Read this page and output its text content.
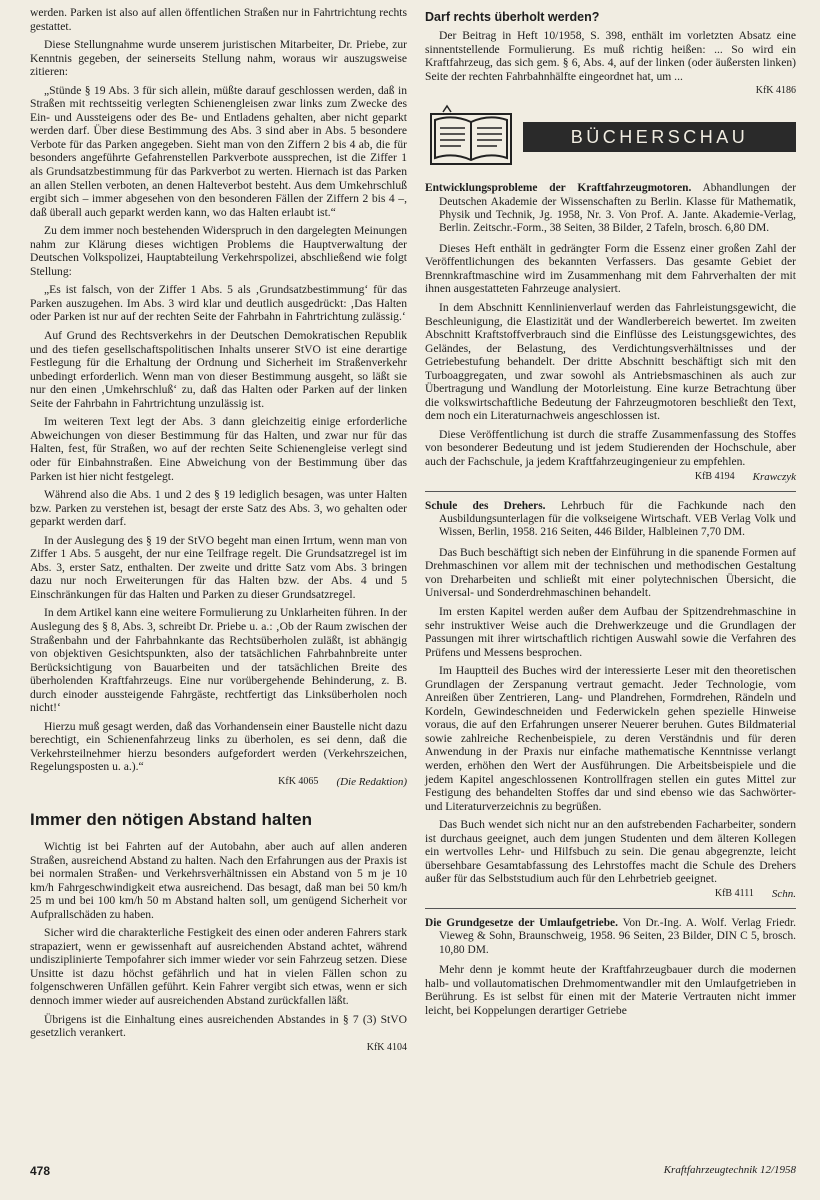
werden. Parken ist also auf allen öffentlichen Straßen nur in Fahrtrichtung rechts gestattet.

Diese Stellungnahme wurde unserem juristischen Mitarbeiter, Dr. Priebe, zur Kenntnis gegeben, der seinerseits Stellung nahm, woraus wir auszugsweise zitieren:

„Stünde § 19 Abs. 3 für sich allein, müßte darauf geschlossen werden, daß in Straßen mit rechtsseitig verlegten Schienengleisen zwar links zum Zwecke des Ein- und Aussteigens oder des Be- und Entladens gehalten, aber nicht geparkt werden darf. Über diese Bestimmung des Abs. 3 sind aber in Abs. 5 besondere Verbote für das Parken angegeben. Sieht man von den Ziffern 2 bis 4 ab, die für besonders angeführte Gefahrenstellen Parkverbote aussprechen, ist die Ziffer 1 als Grundsatzbestimmung für das Parkverbot zu werten. Hiernach ist das Parken an allen Stellen verboten, an denen Halteverbot besteht. Aus dem Umkehrschluß ergibt sich – immer abgesehen von den besonderen Fällen der Ziffern 2 bis 4 –, daß überall auch geparkt werden kann, wo das Halten erlaubt ist.“

Zu dem immer noch bestehenden Widerspruch in den dargelegten Meinungen nahm zur Klärung dieses wichtigen Problems die Hauptverwaltung der Deutschen Volkspolizei, Hauptabteilung Verkehrspolizei, abschließend wie folgt Stellung:

„Es ist falsch, von der Ziffer 1 Abs. 5 als ‚Grundsatzbestimmung‘ für das Parken auszugehen. Im Abs. 3 wird klar und deutlich ausgedrückt: ‚Das Halten oder Parken ist nur auf der rechten Seite der Fahrbahn in Fahrtrichtung zulässig.‘

Auf Grund des Rechtsverkehrs in der Deutschen Demokratischen Republik und des tiefen gesellschaftspolitischen Inhalts unserer StVO ist eine derartige Festlegung für die Erhaltung der Ordnung und Sicherheit im Straßenverkehr unbedingt erforderlich. Wenn man von dieser Bestimmung ausgeht, so läßt sie nur den einen ‚Umkehrschluß‘ zu, daß das Halten oder Parken auf der linken Seite der Fahrbahn in Fahrtrichtung unzulässig ist.

Im weiteren Text legt der Abs. 3 dann gleichzeitig einige erforderliche Abweichungen von dieser Bestimmung für das Halten, und zwar nur für das Halten, fest, für Straßen, wo auf der rechten Seite Schienengleise verlegt sind oder für Einbahnstraßen. Eine Abweichung von der Bestimmung über das Parken ist hier nicht festgelegt.

Während also die Abs. 1 und 2 des § 19 lediglich besagen, was unter Halten bzw. Parken zu verstehen ist, besagt der erste Satz des Abs. 3, wo gehalten oder geparkt werden darf.

In der Auslegung des § 19 der StVO begeht man einen Irrtum, wenn man von Ziffer 1 Abs. 5 ausgeht, der nur eine Teilfrage regelt. Die Grundsatzregel ist im Abs. 3, erster Satz, enthalten. Der zweite und dritte Satz vom Abs. 3 bringen dazu nur noch Erweiterungen für das Halten bzw. der Abs. 4 und 5 Einschränkungen für das Halten und Parken zu dieser Grundsatzregel.

In dem Artikel kann eine weitere Formulierung zu Unklarheiten führen. In der Auslegung des § 8, Abs. 3, schreibt Dr. Priebe u. a.: ‚Ob der Raum zwischen der Straßenbahn und der Fahrbahnkante das Rechtsüberholen zuläßt, ist abhängig von objektiven Gesichtspunkten, also der tatsächlichen Fahrbahnbreite unter Berücksichtigung von Bauarbeiten und der tatsächlichen Breite des überholenden Kraftfahrzeugs. Eine nur vorübergehende Behinderung, z. B. durch einoder aussteigende Fahrgäste, rechtfertigt das Linksüberholen noch nicht!‘

Hierzu muß gesagt werden, daß das Vorhandensein einer Baustelle nicht dazu berechtigt, ein Schienenfahrzeug links zu überholen, es sei denn, daß die Verkehrsteilnehmer hierzu besonders aufgefordert werden (Verkehrszeichen, Regelungsposten u. a.).“

KfK 4065 (Die Redaktion)
Immer den nötigen Abstand halten

Wichtig ist bei Fahrten auf der Autobahn, aber auch auf allen anderen Straßen, ausreichend Abstand zu halten. Nach den Erfahrungen aus der Praxis ist bei normalen Straßen- und Verkehrsverhältnissen ein Abstand von 5 m je 10 km/h Fahrgeschwindigkeit etwa ausreichend. Das besagt, daß man bei 50 km/h 25 m und bei 100 km/h 50 m Abstand halten soll, um genügend Sicherheit vor Aufprallschäden zu haben.

Sicher wird die charakterliche Festigkeit des einen oder anderen Fahrers stark strapaziert, wenn er gewissenhaft auf ausreichenden Abstand achtet, während undisziplinierte Tempofahrer sich immer wieder vor sein Fahrzeug setzen. Diese Unsitte ist dazu höchst gefährlich und hat in vielen Fällen schon zu folgenschweren Unfällen geführt. Kein Fahrer vergibt sich etwas, wenn er sich dennoch immer wieder auf ausreichenden Abstand zurückfallen läßt.

Übrigens ist die Einhaltung eines ausreichenden Abstandes in § 7 (3) StVO gesetzlich verankert.

KfK 4104
Darf rechts überholt werden?

Der Beitrag in Heft 10/1958, S. 398, enthält im vorletzten Absatz eine sinnentstellende Formulierung. Es muß richtig heißen: ... So wird ein Kraftfahrzeug, das sich gem. § 6, Abs. 4, auf der linken (oder äußersten linken) Seite der rechten Fahrbahnhälfte eingeordnet hat, um ...

KfK 4186
BÜCHERSCHAU

Entwicklungsprobleme der Kraftfahrzeugmotoren. Abhandlungen der Deutschen Akademie der Wissenschaften zu Berlin. Klasse für Mathematik, Physik und Technik, Jg. 1958, Nr. 3. Von Prof. A. Jante. Akademie-Verlag, Berlin. Zeitschr.-Form., 38 Seiten, 38 Bilder, 2 Tafeln, brosch. 6,80 DM.

Dieses Heft enthält in gedrängter Form die Essenz einer großen Zahl der Veröffentlichungen des bekannten Verfassers. Das gesamte Gebiet der Brennkraftmaschine wird im Zusammenhang mit dem Fahrverhalten der mit ihnen ausgestatteten Fahrzeuge analysiert.

In dem Abschnitt Kennlinienverlauf werden das Fahrleistungsgewicht, die Beschleunigung, die Elastizität und der Wandlerbereich bewertet. Im zweiten Abschnitt Kraftstoffverbrauch sind die Einflüsse des Leistungsgewichtes, des Geländes, der Belastung, des Verdichtungsverhältnisses und der Getriebestufung behandelt. Der dritte Abschnitt beschäftigt sich mit den Turboaggregaten, und zwar sowohl als Antriebsmaschinen als auch zur Übertragung und Wandlung der Motorleistung. Eine kurze Betrachtung über die volkswirtschaftliche Bedeutung der Fahrzeugmotoren beschließt den Text, dem noch ein Literaturnachweis angeschlossen ist.

Diese Veröffentlichung ist durch die straffe Zusammenfassung des Stoffes von besonderer Bedeutung und ist jedem Studierenden der Hochschule, aber auch der Fachschule, ja jedem Kraftfahrzeugingenieur zu empfehlen.

KfB 4194 Krawczyk

Schule des Drehers. Lehrbuch für die Fachkunde nach den Ausbildungsunterlagen für die volkseigene Wirtschaft. VEB Verlag Volk und Wissen, Berlin, 1958. 216 Seiten, 446 Bilder, Halbleinen 7,70 DM.

Das Buch beschäftigt sich neben der Einführung in die spanende Formen auf Drehmaschinen vor allem mit der technischen und methodischen Gestaltung von Dreharbeiten und schließt mit einer polytechnischen Übersicht, die Universal- und Sonderdrehmaschinen behandelt.

Im ersten Kapitel werden außer dem Aufbau der Spitzendrehmaschine in sehr instruktiver Weise auch die Drehwerkzeuge und die Grundlagen der Passungen mit ihrer wirtschaftlich richtigen Auswahl sowie die Verfahren des Prüfens und Messens besprochen.

Im Hauptteil des Buches wird der interessierte Leser mit den theoretischen Grundlagen der Zerspanung vertraut gemacht. Jeder Technologie, vom Anreißen über Zentrieren, Lang- und Plandrehen, Formdrehen, Rändeln und Kordeln, Gewindeschneiden und Federwickeln gehen spezielle Hinweise voraus, die auf den Erfahrungen unserer Neuerer beruhen. Gutes Bildmaterial sowie zahlreiche Rechenbeispiele, zu deren Verständnis und für deren Anwendung in der Praxis nur einfache mathematische Kenntnisse verlangt werden, erhöhen den Wert der Ausführungen. Die Arbeitsbeispiele und die jedem Kapitel angeschlossenen Kontrollfragen stellen ein gutes Mittel zur Festigung des behandelten Stoffes dar und sind ebenso wie das Sachwörter- und Literaturverzeichnis zu begrüßen.

Das Buch wendet sich nicht nur an den aufstrebenden Facharbeiter, sondern ist durchaus geeignet, auch dem jungen Studenten und dem älteren Kollegen ein wertvolles Lehr- und Hilfsbuch zu sein. Die genau abgegrenzte, leicht übersehbare Gesamtabfassung des Lehrstoffes macht die Schule des Drehers außer für das Selbststudium auch für den Lehrbetrieb geeignet.

KfB 4111 Schn.

Die Grundgesetze der Umlaufgetriebe. Von Dr.-Ing. A. Wolf. Verlag Friedr. Vieweg & Sohn, Braunschweig, 1958. 96 Seiten, 23 Bilder, DIN C 5, brosch. 10,80 DM.

Mehr denn je kommt heute der Kraftfahrzeugbauer durch die modernen halb- und vollautomatischen Drehmomentwandler mit den Umlaufgetrieben in Berührung. Es ist selbst für einen mit der Materie Vertrauten nicht immer leicht, bei Koppelungen derartiger Getriebe

478	Kraftfahrzeugtechnik 12/1958
